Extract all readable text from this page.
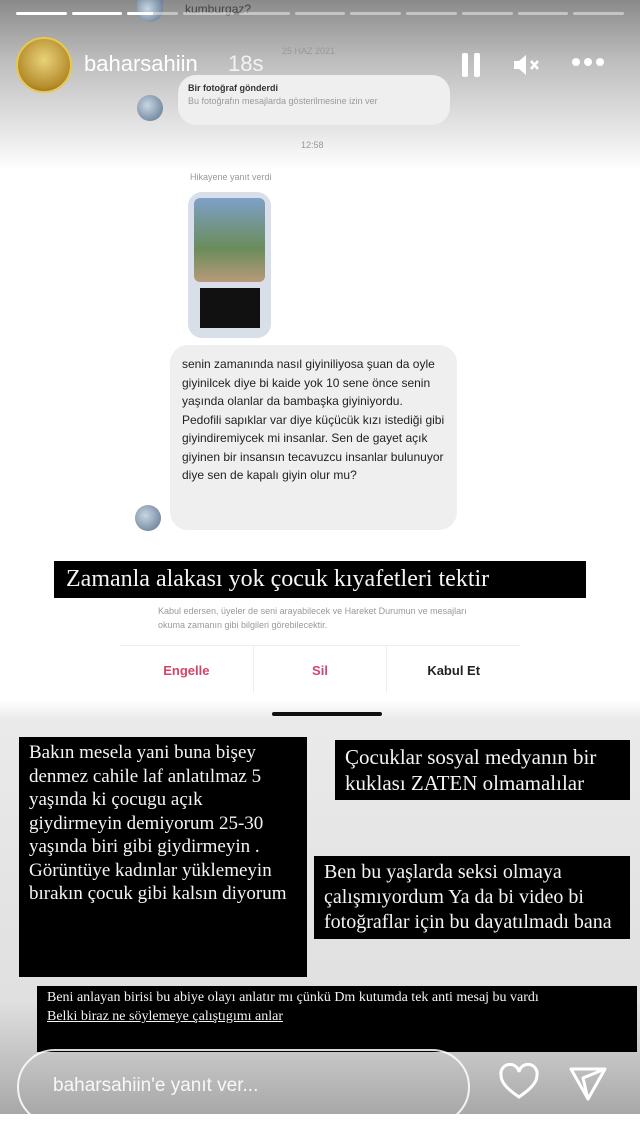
kumburgaz?
25 HAZ 2021
Bir fotoğraf gönderdi
Bu fotoğrafın mesajlarda gösterilmesine izin ver
12:58
Hikayene yanıt verdi
senin zamanında nasıl giyiniliyosa şuan da oyle giyinilcek diye bi kaide yok 10 sene önce senin yaşında olanlar da bambaşka giyiniyordu. Pedofili sapıklar var diye küçücük kızı istediği gibi giyindiremiycek mi insanlar. Sen de gayet açık giyinen bir insansın tecavuzcu insanlar bulunuyor diye sen de kapalı giyin olur mu?
Zamanla alakası yok çocuk kıyafetleri tektir
Kabul edersen, üyeler de seni arayabilecek ve Hareket Durumun ve mesajları okuma zamanın gibi bilgileri görebilecektir.
Engelle	Sil	Kabul Et
Bakın mesela yani buna bişey denmez cahile laf anlatılmaz 5 yaşında ki çocugu açık giydirmeyin demiyorum 25-30 yaşında biri gibi giydirmeyin . Görüntüye kadınlar yüklemeyin bırakın çocuk gibi kalsın diyorum
Çocuklar sosyal medyanın bir kuklası ZATEN olmamalılar
Ben bu yaşlarda seksi olmaya çalışmıyordum Ya da bi video bi fotoğraflar için bu dayatılmadı bana
Beni anlayan birisi bu abiye olayı anlatır mı çünkü Dm kutumda tek anti mesaj bu vardı
Belki biraz ne söylemeye çalıştıgımı anlar
baharsahiin 18s
baharsahiin'e yanıt ver...
